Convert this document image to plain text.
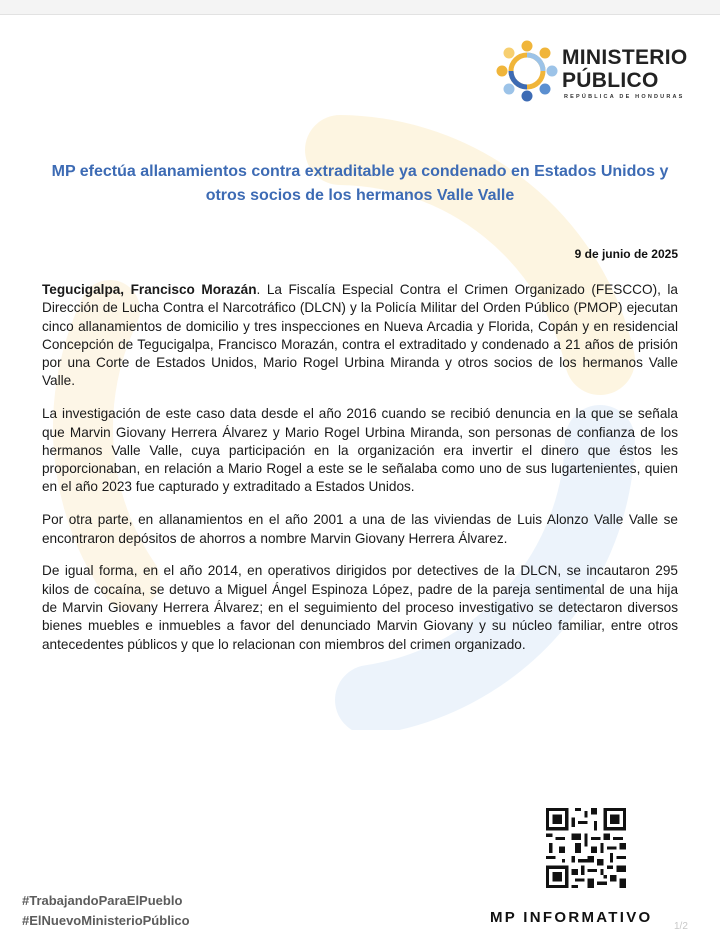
MINISTERIO
PÚBLICO
REPÚBLICA DE HONDURAS
MP efectúa allanamientos contra extraditable ya condenado en Estados Unidos y otros socios de los hermanos Valle Valle
9 de junio de 2025

Tegucigalpa, Francisco Morazán. La Fiscalía Especial Contra el Crimen Organizado (FESCCO), la Dirección de Lucha Contra el Narcotráfico (DLCN) y la Policía Militar del Orden Público (PMOP) ejecutan cinco allanamientos de domicilio y tres inspecciones en Nueva Arcadia y Florida, Copán y en residencial Concepción de Tegucigalpa, Francisco Morazán, contra el extraditado y condenado a 21 años de prisión por una Corte de Estados Unidos, Mario Rogel Urbina Miranda y otros socios de los hermanos Valle Valle.

La investigación de este caso data desde el año 2016 cuando se recibió denuncia en la que se señala que Marvin Giovany Herrera Álvarez y Mario Rogel Urbina Miranda, son personas de confianza de los hermanos Valle Valle, cuya participación en la organización era invertir el dinero que éstos les proporcionaban, en relación a Mario Rogel a este se le señalaba como uno de sus lugartenientes, quien en el año 2023 fue capturado y extraditado a Estados Unidos.

Por otra parte, en allanamientos en el año 2001 a una de las viviendas de Luis Alonzo Valle Valle se encontraron depósitos de ahorros a nombre Marvin Giovany Herrera Álvarez.

De igual forma, en el año 2014, en operativos dirigidos por detectives de la DLCN, se incautaron 295 kilos de cocaína, se detuvo a Miguel Ángel Espinoza López, padre de la pareja sentimental de una hija de Marvin Giovany Herrera Álvarez; en el seguimiento del proceso investigativo se detectaron diversos bienes muebles e inmuebles a favor del denunciado Marvin Giovany y su núcleo familiar, entre otros antecedentes públicos y que lo relacionan con miembros del crimen organizado.

#TrabajandoParaElPueblo
#ElNuevoMinisterioPúblico	MP INFORMATIVO
1/2
